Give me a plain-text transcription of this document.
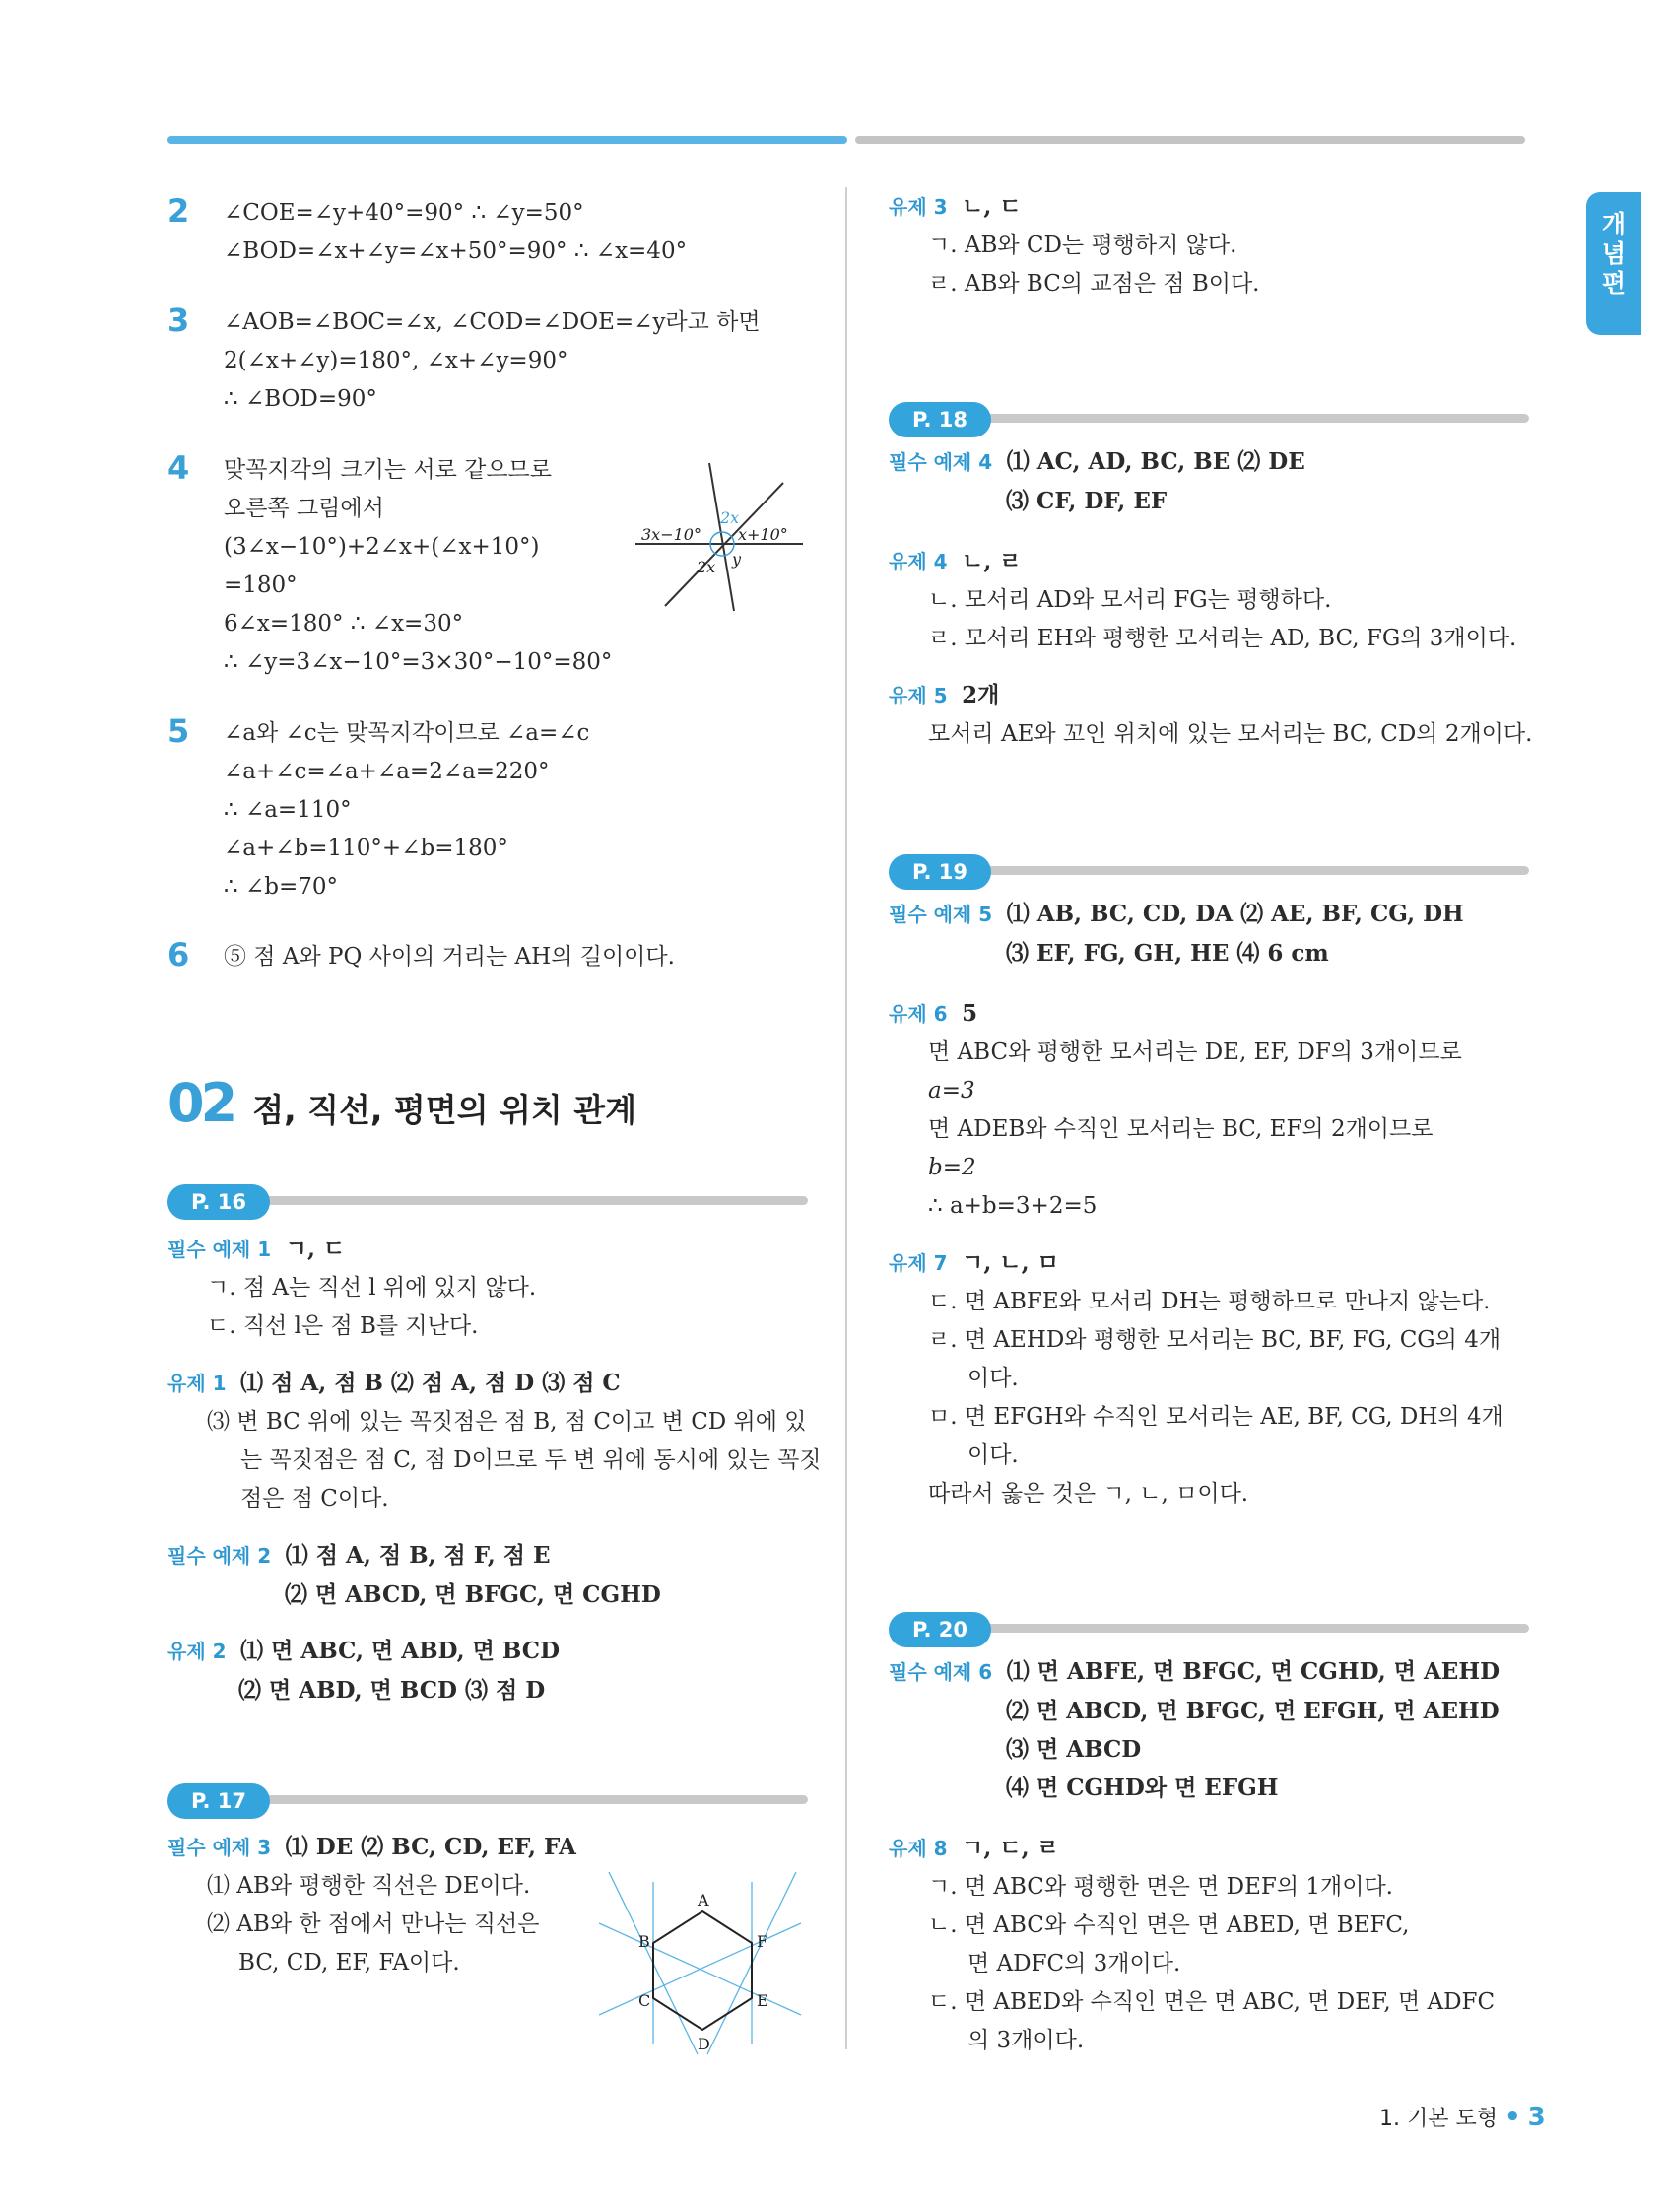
개념편
2 ∠COE=∠y+40°=90° ∴ ∠y=50°
∠BOD=∠x+∠y=∠x+50°=90° ∴ ∠x=40°
3 ∠AOB=∠BOC=∠x, ∠COD=∠DOE=∠y라고 하면
2(∠x+∠y)=180°, ∠x+∠y=90°
∴ ∠BOD=90°
4 맞꼭지각의 크기는 서로 같으므로
오른쪽 그림에서
(3∠x−10°)+2∠x+(∠x+10°)
=180°
6∠x=180° ∴ ∠x=30°
∴ ∠y=3∠x−10°=3×30°−10°=80°
3x−10°
2x
x+10°
2x y
5 ∠a와 ∠c는 맞꼭지각이므로 ∠a=∠c
∠a+∠c=∠a+∠a=2∠a=220°
∴ ∠a=110°
∠a+∠b=110°+∠b=180°
∴ ∠b=70°
6 ⑤ 점 A와 PQ 사이의 거리는 AH의 길이이다.
02 점, 직선, 평면의 위치 관계
P. 16
필수 예제 1 ㄱ, ㄷ
ㄱ. 점 A는 직선 l 위에 있지 않다.
ㄷ. 직선 l은 점 B를 지난다.
유제 1 ⑴ 점 A, 점 B ⑵ 점 A, 점 D ⑶ 점 C
⑶ 변 BC 위에 있는 꼭짓점은 점 B, 점 C이고 변 CD 위에 있
는 꼭짓점은 점 C, 점 D이므로 두 변 위에 동시에 있는 꼭짓
점은 점 C이다.
필수 예제 2 ⑴ 점 A, 점 B, 점 F, 점 E
⑵ 면 ABCD, 면 BFGC, 면 CGHD
유제 2 ⑴ 면 ABC, 면 ABD, 면 BCD
⑵ 면 ABD, 면 BCD ⑶ 점 D
P. 17
필수 예제 3 ⑴ DE ⑵ BC, CD, EF, FA
⑴ AB와 평행한 직선은 DE이다.
⑵ AB와 한 점에서 만나는 직선은
BC, CD, EF, FA이다.
A
F
E
D
C
B
유제 3 ㄴ, ㄷ
ㄱ. AB와 CD는 평행하지 않다.
ㄹ. AB와 BC의 교점은 점 B이다.
P. 18
필수 예제 4 ⑴ AC, AD, BC, BE ⑵ DE
⑶ CF, DF, EF
유제 4 ㄴ, ㄹ
ㄴ. 모서리 AD와 모서리 FG는 평행하다.
ㄹ. 모서리 EH와 평행한 모서리는 AD, BC, FG의 3개이다.
유제 5 2개
모서리 AE와 꼬인 위치에 있는 모서리는 BC, CD의 2개이다.
P. 19
필수 예제 5 ⑴ AB, BC, CD, DA ⑵ AE, BF, CG, DH
⑶ EF, FG, GH, HE ⑷ 6 cm
유제 6 5
면 ABC와 평행한 모서리는 DE, EF, DF의 3개이므로
a=3
면 ADEB와 수직인 모서리는 BC, EF의 2개이므로
b=2
∴ a+b=3+2=5
유제 7 ㄱ, ㄴ, ㅁ
ㄷ. 면 ABFE와 모서리 DH는 평행하므로 만나지 않는다.
ㄹ. 면 AEHD와 평행한 모서리는 BC, BF, FG, CG의 4개
이다.
ㅁ. 면 EFGH와 수직인 모서리는 AE, BF, CG, DH의 4개
이다.
따라서 옳은 것은 ㄱ, ㄴ, ㅁ이다.
P. 20
필수 예제 6 ⑴ 면 ABFE, 면 BFGC, 면 CGHD, 면 AEHD
⑵ 면 ABCD, 면 BFGC, 면 EFGH, 면 AEHD
⑶ 면 ABCD
⑷ 면 CGHD와 면 EFGH
유제 8 ㄱ, ㄷ, ㄹ
ㄱ. 면 ABC와 평행한 면은 면 DEF의 1개이다.
ㄴ. 면 ABC와 수직인 면은 면 ABED, 면 BEFC,
면 ADFC의 3개이다.
ㄷ. 면 ABED와 수직인 면은 면 ABC, 면 DEF, 면 ADFC
의 3개이다.
1. 기본 도형 • 3
